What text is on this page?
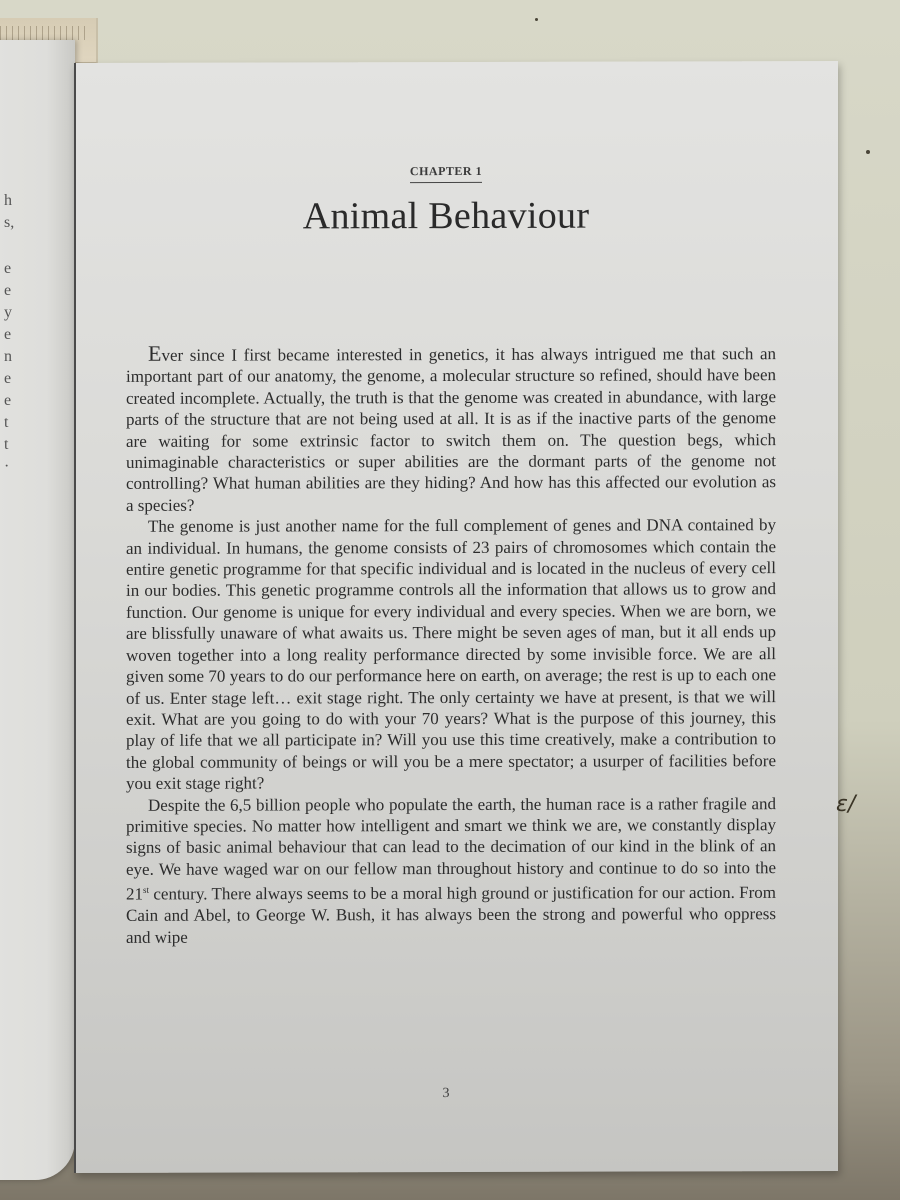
h
s,
e
e
y
e
n
e
e
t
t
·
CHAPTER 1
Animal Behaviour

Ever since I first became interested in genetics, it has always intrigued me that such an important part of our anatomy, the genome, a molecular structure so refined, should have been created incomplete. Actually, the truth is that the genome was created in abundance, with large parts of the structure that are not being used at all. It is as if the inactive parts of the genome are waiting for some extrinsic factor to switch them on. The question begs, which unimaginable characteristics or super abilities are the dormant parts of the genome not controlling? What human abilities are they hiding? And how has this affected our evolution as a species?

The genome is just another name for the full complement of genes and DNA contained by an individual. In humans, the genome consists of 23 pairs of chromosomes which contain the entire genetic programme for that specific individual and is located in the nucleus of every cell in our bodies. This genetic programme controls all the information that allows us to grow and function. Our genome is unique for every individual and every species. When we are born, we are blissfully unaware of what awaits us. There might be seven ages of man, but it all ends up woven together into a long reality performance directed by some invisible force. We are all given some 70 years to do our performance here on earth, on average; the rest is up to each one of us. Enter stage left… exit stage right. The only certainty we have at present, is that we will exit. What are you going to do with your 70 years? What is the purpose of this journey, this play of life that we all participate in? Will you use this time creatively, make a contribution to the global community of beings or will you be a mere spectator; a usurper of facilities before you exit stage right?

Despite the 6,5 billion people who populate the earth, the human race is a rather fragile and primitive species. No matter how intelligent and smart we think we are, we constantly display signs of basic animal behaviour that can lead to the decimation of our kind in the blink of an eye. We have waged war on our fellow man throughout history and continue to do so into the 21st century. There always seems to be a moral high ground or justification for our action. From Cain and Abel, to George W. Bush, it has always been the strong and powerful who oppress and wipe

3
ɛ/
